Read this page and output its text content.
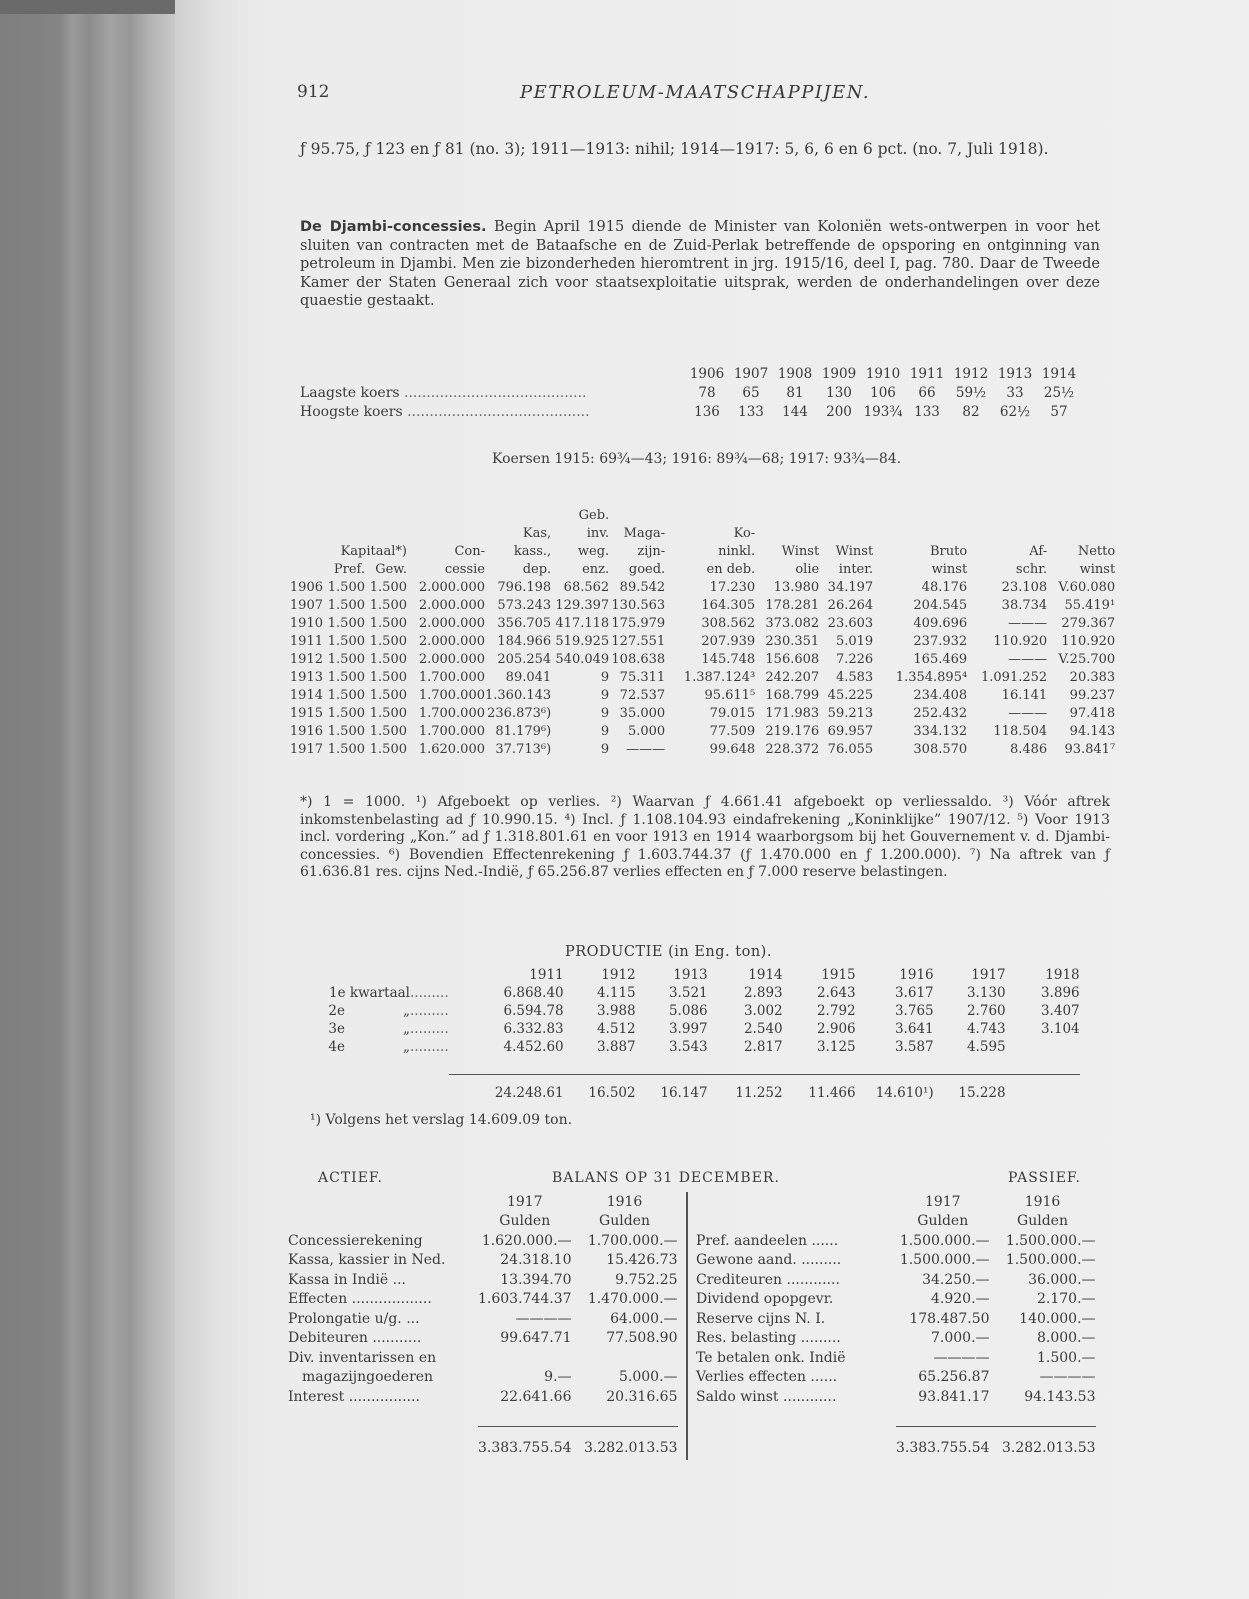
912	PETROLEUM-MAATSCHAPPIJEN.
ƒ 95.75, ƒ 123 en ƒ 81 (no. 3); 1911—1913: nihil; 1914—1917: 5, 6, 6 en 6 pct. (no. 7, Juli 1918).
De Djambi-concessies. Begin April 1915 diende de Minister van Koloniën wets-ontwerpen in voor het sluiten van contracten met de Bataafsche en de Zuid-Perlak betreffende de opsporing en ontginning van petroleum in Djambi. Men zie bizonderheden hieromtrent in jrg. 1915/16, deel I, pag. 780. Daar de Tweede Kamer der Staten Generaal zich voor staatsexploitatie uitsprak, werden de onderhandelingen over deze quaestie gestaakt.
	1906	1907	1908	1909	1910	1911	1912	1913	1914
Laagste koers .........................................	78	65	81	130	106	66	59½	33	25½
Hoogste koers .........................................	136	133	144	200	193¾	133	82	62½	57
Koersen 1915: 69¾—43; 1916: 89¾—68; 1917: 93¾—84.
					Geb.							
				Kas,	inv.	Maga-	Ko-					
	Kapitaal*)		Con-	kass.,	weg.	zijn-	ninkl.	Winst	Winst	Bruto	Af-	Netto
	Pref.	Gew.	cessie	dep.	enz.	goed.	en deb.	olie	inter.	winst	schr.	winst
1906	1.500	1.500	2.000.000	796.198	68.562	89.542	17.230	13.980	34.197	48.176	23.108	V.60.080
1907	1.500	1.500	2.000.000	573.243	129.397	130.563	164.305	178.281	26.264	204.545	38.734	55.419¹
1910	1.500	1.500	2.000.000	356.705	417.118	175.979	308.562	373.082	23.603	409.696	———	279.367
1911	1.500	1.500	2.000.000	184.966	519.925	127.551	207.939	230.351	5.019	237.932	110.920	110.920
1912	1.500	1.500	2.000.000	205.254	540.049	108.638	145.748	156.608	7.226	165.469	———	V.25.700
1913	1.500	1.500	1.700.000	89.041	9	75.311	1.387.124³	242.207	4.583	1.354.895⁴	1.091.252	20.383
1914	1.500	1.500	1.700.000	1.360.143	9	72.537	95.611⁵	168.799	45.225	234.408	16.141	99.237
1915	1.500	1.500	1.700.000	236.873⁶)	9	35.000	79.015	171.983	59.213	252.432	———	97.418
1916	1.500	1.500	1.700.000	81.179⁶)	9	5.000	77.509	219.176	69.957	334.132	118.504	94.143
1917	1.500	1.500	1.620.000	37.713⁶)	9	———	99.648	228.372	76.055	308.570	8.486	93.841⁷
*) 1 = 1000. ¹) Afgeboekt op verlies. ²) Waarvan ƒ 4.661.41 afgeboekt op verliessaldo. ³) Vóór aftrek inkomstenbelasting ad ƒ 10.990.15. ⁴) Incl. ƒ 1.108.104.93 eindafrekening „Koninklijke” 1907/12. ⁵) Voor 1913 incl. vordering „Kon.” ad ƒ 1.318.801.61 en voor 1913 en 1914 waarborgsom bij het Gouvernement v. d. Djambi-concessies. ⁶) Bovendien Effectenrekening ƒ 1.603.744.37 (ƒ 1.470.000 en ƒ 1.200.000). ⁷) Na aftrek van ƒ 61.636.81 res. cijns Ned.-Indië, ƒ 65.256.87 verlies effecten en ƒ 7.000 reserve belastingen.
PRODUCTIE (in Eng. ton).
	1911	1912	1913	1914	1915	1916	1917	1918
1e kwartaal.........	6.868.40	4.115	3.521	2.893	2.643	3.617	3.130	3.896
2e „.........	6.594.78	3.988	5.086	3.002	2.792	3.765	2.760	3.407
3e „.........	6.332.83	4.512	3.997	2.540	2.906	3.641	4.743	3.104
4e „.........	4.452.60	3.887	3.543	2.817	3.125	3.587	4.595	

	24.248.61	16.502	16.147	11.252	11.466	14.610¹)	15.228	
¹) Volgens het verslag 14.609.09 ton.
ACTIEF.	BALANS OP 31 DECEMBER.	PASSIEF.
	1917	1916
	Gulden	Gulden
Concessierekening	1.620.000.—	1.700.000.—
Kassa, kassier in Ned.	24.318.10	15.426.73
Kassa in Indië ...	13.394.70	9.752.25
Effecten ..................	1.603.744.37	1.470.000.—
Prolongatie u/g. ...	————	64.000.—
Debiteuren ...........	99.647.71	77.508.90
Div. inventarissen en		
magazijngoederen	9.—	5.000.—
Interest ................	22.641.66	20.316.65

	3.383.755.54	3.282.013.53
	1917	1916
	Gulden	Gulden
Pref. aandeelen ......	1.500.000.—	1.500.000.—
Gewone aand. .........	1.500.000.—	1.500.000.—
Crediteuren ............	34.250.—	36.000.—
Dividend opopgevr.	4.920.—	2.170.—
Reserve cijns N. I.	178.487.50	140.000.—
Res. belasting .........	7.000.—	8.000.—
Te betalen onk. Indië	————	1.500.—
Verlies effecten ......	65.256.87	————
Saldo winst ............	93.841.17	94.143.53

	3.383.755.54	3.282.013.53
